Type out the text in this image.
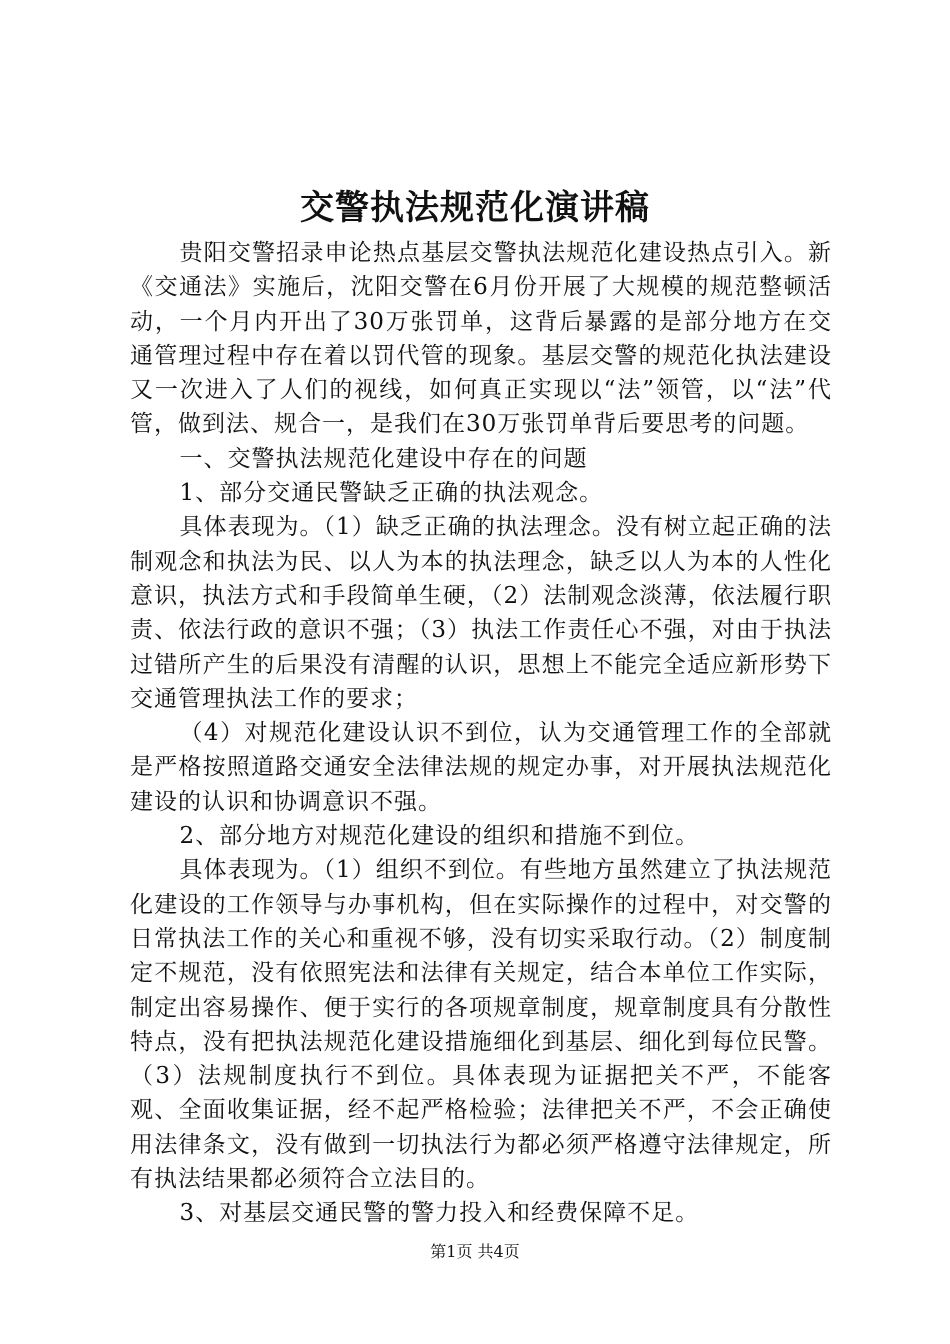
交警执法规范化演讲稿

贵阳交警招录申论热点基层交警执法规范化建设热点引入。新《交通法》实施后，沈阳交警在6月份开展了大规模的规范整顿活动，一个月内开出了30万张罚单，这背后暴露的是部分地方在交通管理过程中存在着以罚代管的现象。基层交警的规范化执法建设又一次进入了人们的视线，如何真正实现以“法”领管，以“法”代管，做到法、规合一，是我们在30万张罚单背后要思考的问题。

一、交警执法规范化建设中存在的问题

1、部分交通民警缺乏正确的执法观念。

具体表现为。（1）缺乏正确的执法理念。没有树立起正确的法制观念和执法为民、以人为本的执法理念，缺乏以人为本的人性化意识，执法方式和手段简单生硬，（2）法制观念淡薄，依法履行职责、依法行政的意识不强；（3）执法工作责任心不强，对由于执法过错所产生的后果没有清醒的认识，思想上不能完全适应新形势下交通管理执法工作的要求；

（4）对规范化建设认识不到位，认为交通管理工作的全部就是严格按照道路交通安全法律法规的规定办事，对开展执法规范化建设的认识和协调意识不强。

2、部分地方对规范化建设的组织和措施不到位。

具体表现为。（1）组织不到位。有些地方虽然建立了执法规范化建设的工作领导与办事机构，但在实际操作的过程中，对交警的日常执法工作的关心和重视不够，没有切实采取行动。（2）制度制定不规范，没有依照宪法和法律有关规定，结合本单位工作实际，制定出容易操作、便于实行的各项规章制度，规章制度具有分散性特点，没有把执法规范化建设措施细化到基层、细化到每位民警。（3）法规制度执行不到位。具体表现为证据把关不严，不能客观、全面收集证据，经不起严格检验；法律把关不严，不会正确使用法律条文，没有做到一切执法行为都必须严格遵守法律规定，所有执法结果都必须符合立法目的。

3、对基层交通民警的警力投入和经费保障不足。

第1页 共4页
